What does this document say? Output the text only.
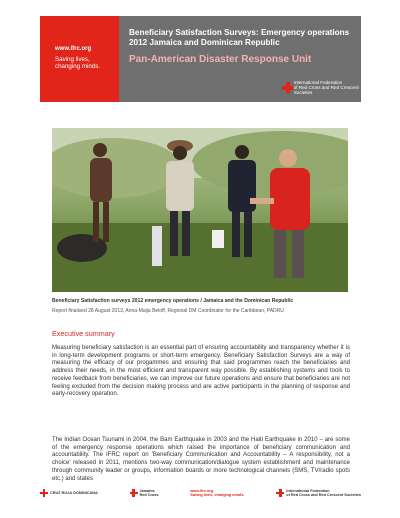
www.ifrc.org
Saving lives, changing minds.
Beneficiary Satisfaction Surveys: Emergency operations 2012 Jamaica and Dominican Republic
Pan-American Disaster Response Unit
International Federation
of Red Cross and Red Crescent Societies
Beneficiary Satisfaction surveys 2012 emergency operations / Jamaica and the Dominican Republic
Report finalised 28 August 2013, Anna-Maija Beloff, Regional DM Coordinator for the Caribbean, PADRU
Executive summary

Measuring beneficiary satisfaction is an essential part of ensuring accountability and transparency whether it is in long-term development programs or short-term emergency. Beneficiary Satisfaction Surveys are a way of measuring the efficacy of our progammes and ensuring that said programmes reach the beneficiaries and address their needs, in the most efficient and transparent way possible. By establishing systems and tools to receive feedback from beneficiaries, we can improve our future operations and ensure that beneficiaries are not feeling excluded from the decision making process and are active participants in the planning of response and early-recovery operation.

The Indian Ocean Tsunami in 2004, the Bam Earthquake in 2003 and the Haiti Earthquake in 2010 – are some of the emergency response operations which raised the importance of beneficiary communication and accountability. The IFRC report on 'Beneficiary Communication and Accountability – A responsibility, not a choice' released in 2011, mentions two-way communication/dialogue system establishment and maintenance through community leader or groups, information boards or more technological channels (SMS, TV/radio spots etc.) and states

CRUZ ROJA DOMINICANA
Jamaica
Red Cross
www.ifrc.org
Saving lives, changing minds.
International Federation
of Red Cross and Red Crescent Societies
